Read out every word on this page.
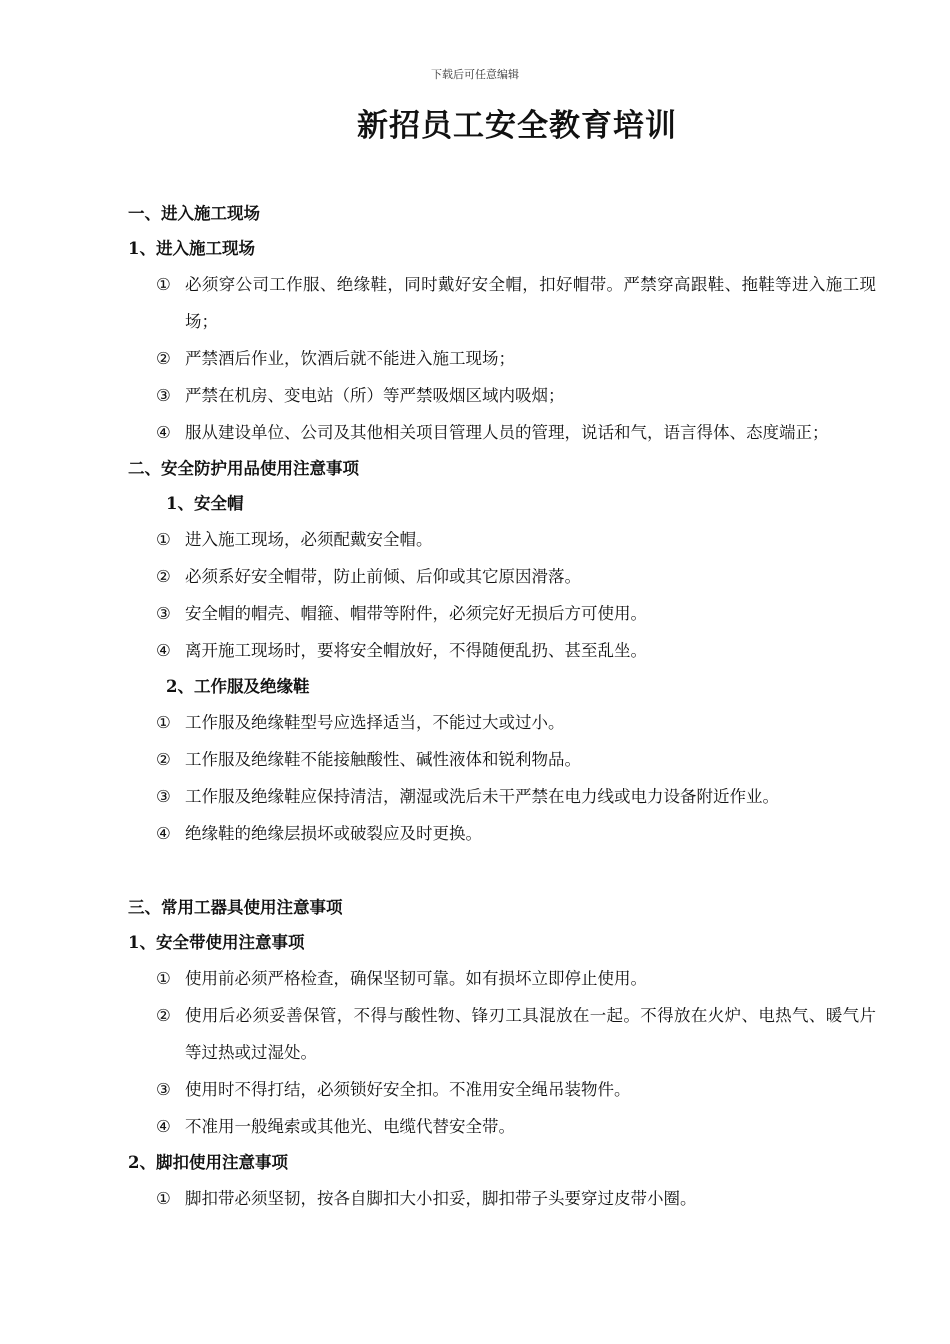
下载后可任意编辑
新招员工安全教育培训
一、进入施工现场
1、进入施工现场
① 必须穿公司工作服、绝缘鞋，同时戴好安全帽，扣好帽带。严禁穿高跟鞋、拖鞋等进入施工现场；
② 严禁酒后作业，饮酒后就不能进入施工现场；
③ 严禁在机房、变电站（所）等严禁吸烟区域内吸烟；
④ 服从建设单位、公司及其他相关项目管理人员的管理，说话和气，语言得体、态度端正；
二、安全防护用品使用注意事项
1、安全帽
① 进入施工现场，必须配戴安全帽。
② 必须系好安全帽带，防止前倾、后仰或其它原因滑落。
③ 安全帽的帽壳、帽箍、帽带等附件，必须完好无损后方可使用。
④ 离开施工现场时，要将安全帽放好，不得随便乱扔、甚至乱坐。
2、工作服及绝缘鞋
① 工作服及绝缘鞋型号应选择适当，不能过大或过小。
② 工作服及绝缘鞋不能接触酸性、碱性液体和锐利物品。
③ 工作服及绝缘鞋应保持清洁，潮湿或洗后未干严禁在电力线或电力设备附近作业。
④ 绝缘鞋的绝缘层损坏或破裂应及时更换。
三、常用工器具使用注意事项
1、安全带使用注意事项
① 使用前必须严格检查，确保坚韧可靠。如有损坏立即停止使用。
② 使用后必须妥善保管，不得与酸性物、锋刃工具混放在一起。不得放在火炉、电热气、暖气片等过热或过湿处。
③ 使用时不得打结，必须锁好安全扣。不准用安全绳吊装物件。
④ 不准用一般绳索或其他光、电缆代替安全带。
2、脚扣使用注意事项
① 脚扣带必须坚韧，按各自脚扣大小扣妥，脚扣带子头要穿过皮带小圈。
